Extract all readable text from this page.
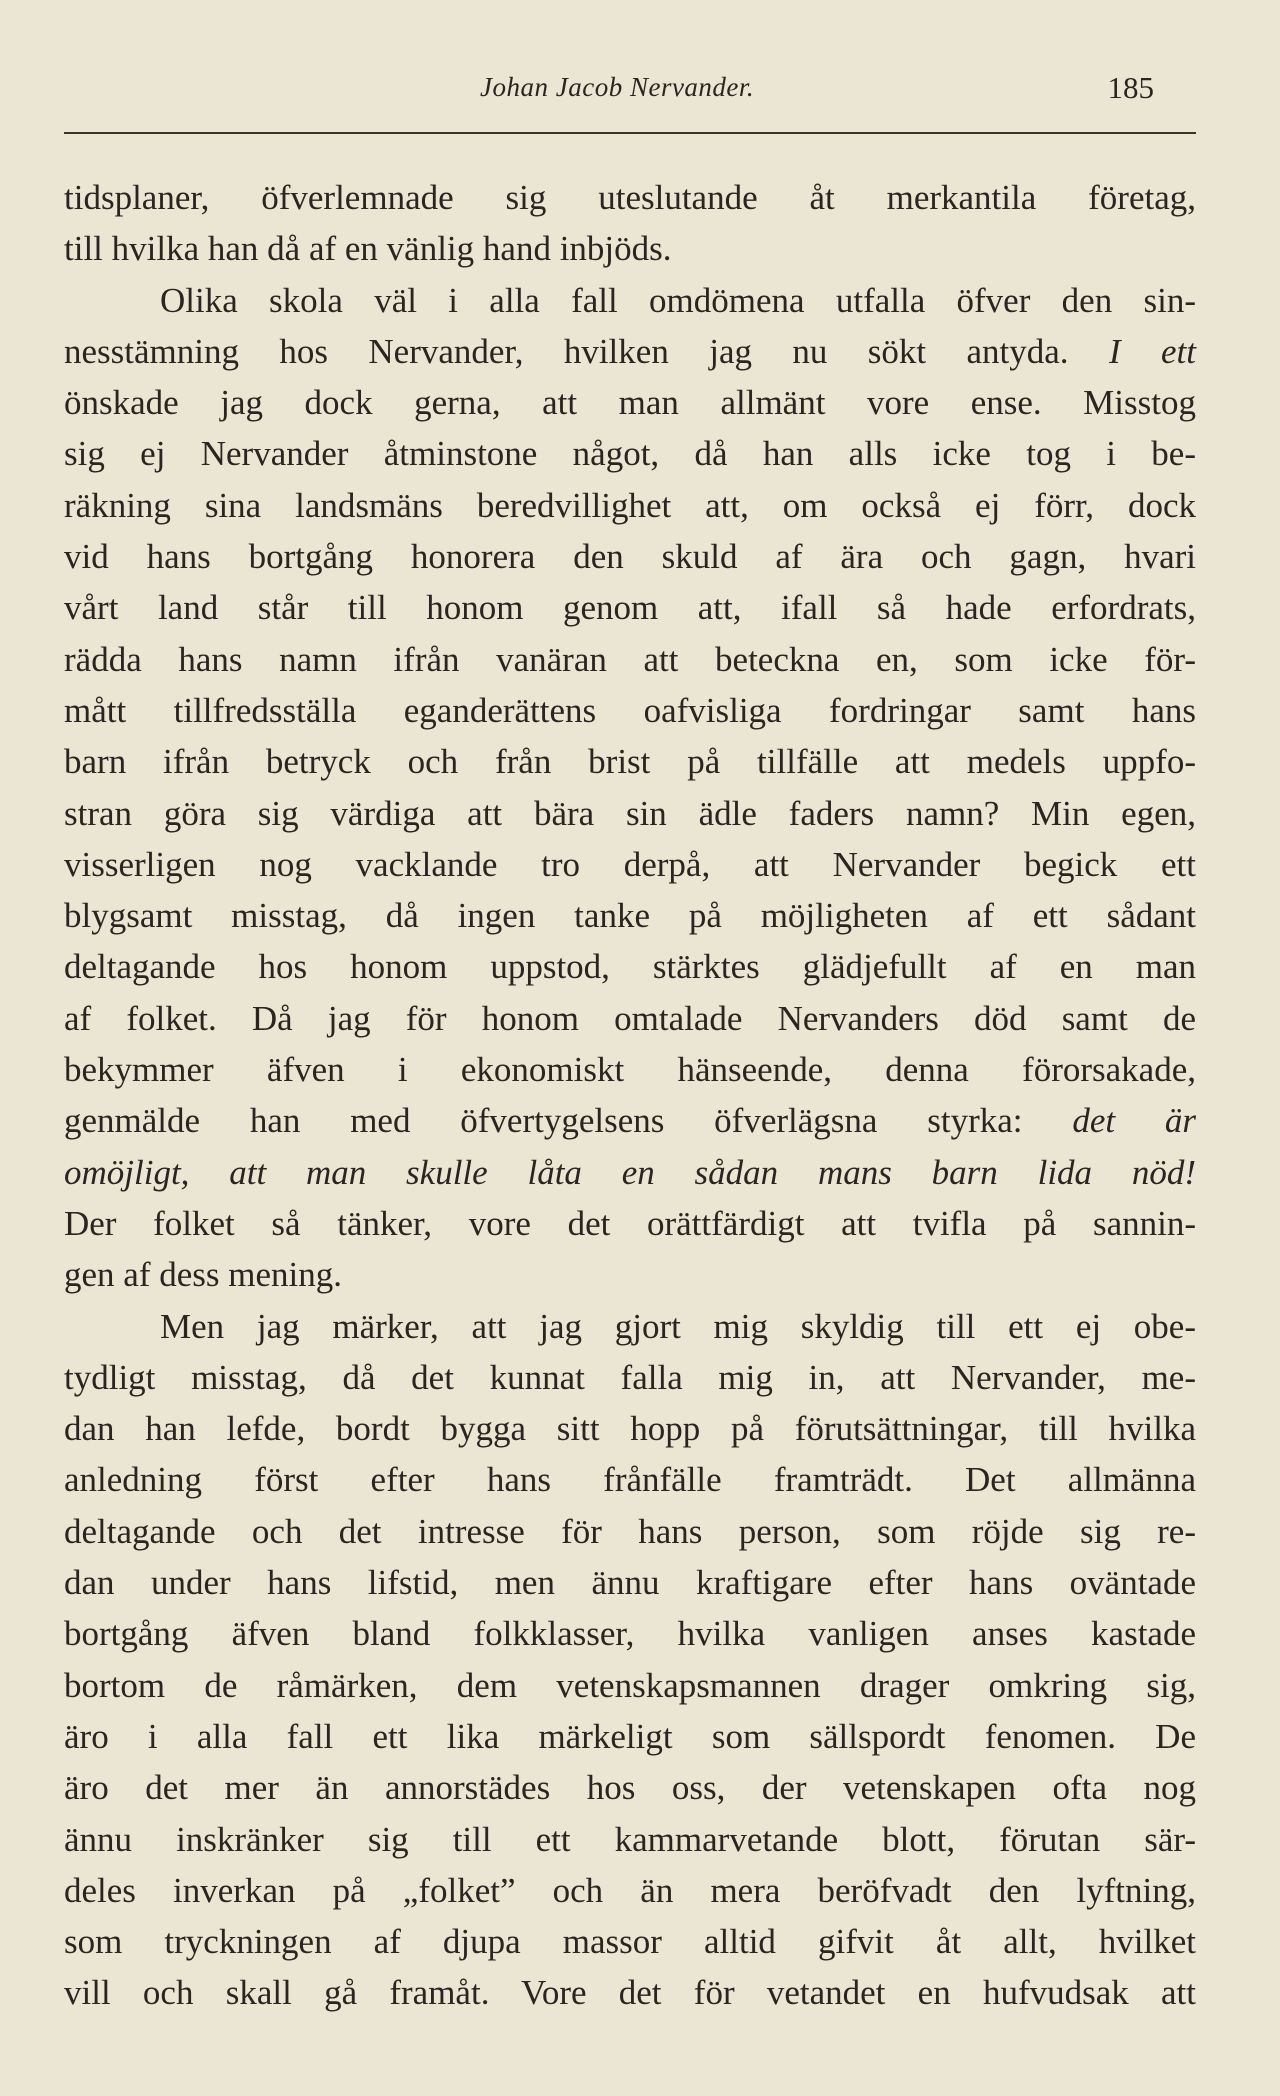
Johan Jacob Nervander.	185
tidsplaner, öfverlemnade sig uteslutande åt merkantila företag,
till hvilka han då af en vänlig hand inbjöds.
Olika skola väl i alla fall omdömena utfalla öfver den sin-
nesstämning hos Nervander, hvilken jag nu sökt antyda. I ett
önskade jag dock gerna, att man allmänt vore ense. Misstog
sig ej Nervander åtminstone något, då han alls icke tog i be-
räkning sina landsmäns beredvillighet att, om också ej förr, dock
vid hans bortgång honorera den skuld af ära och gagn, hvari
vårt land står till honom genom att, ifall så hade erfordrats,
rädda hans namn ifrån vanäran att beteckna en, som icke för-
mått tillfredsställa eganderättens oafvisliga fordringar samt hans
barn ifrån betryck och från brist på tillfälle att medels uppfo-
stran göra sig värdiga att bära sin ädle faders namn? Min egen,
visserligen nog vacklande tro derpå, att Nervander begick ett
blygsamt misstag, då ingen tanke på möjligheten af ett sådant
deltagande hos honom uppstod, stärktes glädjefullt af en man
af folket. Då jag för honom omtalade Nervanders död samt de
bekymmer äfven i ekonomiskt hänseende, denna förorsakade,
genmälde han med öfvertygelsens öfverlägsna styrka: det är
omöjligt, att man skulle låta en sådan mans barn lida nöd!
Der folket så tänker, vore det orättfärdigt att tvifla på sannin-
gen af dess mening.
Men jag märker, att jag gjort mig skyldig till ett ej obe-
tydligt misstag, då det kunnat falla mig in, att Nervander, me-
dan han lefde, bordt bygga sitt hopp på förutsättningar, till hvilka
anledning först efter hans frånfälle framträdt. Det allmänna
deltagande och det intresse för hans person, som röjde sig re-
dan under hans lifstid, men ännu kraftigare efter hans oväntade
bortgång äfven bland folkklasser, hvilka vanligen anses kastade
bortom de råmärken, dem vetenskapsmannen drager omkring sig,
äro i alla fall ett lika märkeligt som sällspordt fenomen. De
äro det mer än annorstädes hos oss, der vetenskapen ofta nog
ännu inskränker sig till ett kammarvetande blott, förutan sär-
deles inverkan på „folket” och än mera beröfvadt den lyftning,
som tryckningen af djupa massor alltid gifvit åt allt, hvilket
vill och skall gå framåt. Vore det för vetandet en hufvudsak att
